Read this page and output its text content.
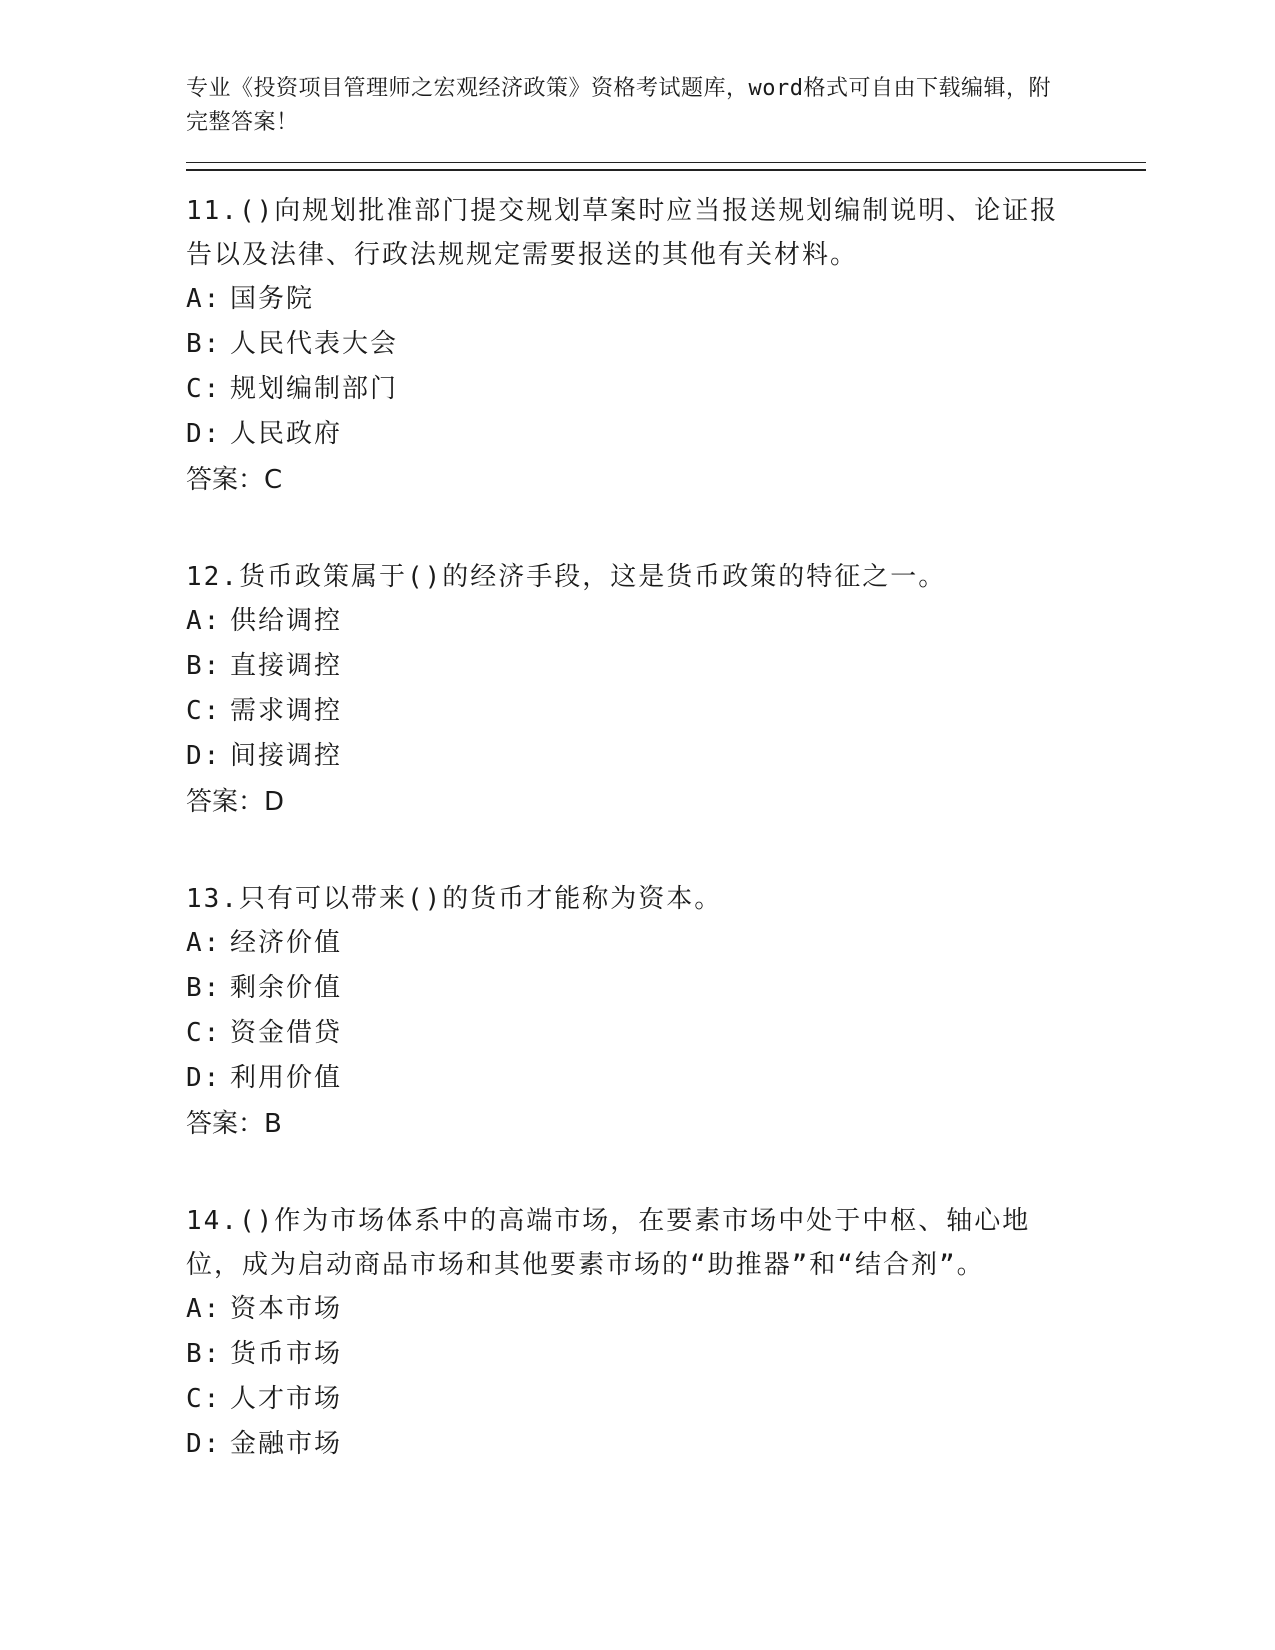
专业《投资项目管理师之宏观经济政策》资格考试题库，word格式可自由下载编辑，附完整答案！
11.()向规划批准部门提交规划草案时应当报送规划编制说明、论证报告以及法律、行政法规规定需要报送的其他有关材料。
A: 国务院
B: 人民代表大会
C: 规划编制部门
D: 人民政府
答案：C
12.货币政策属于()的经济手段，这是货币政策的特征之一。
A: 供给调控
B: 直接调控
C: 需求调控
D: 间接调控
答案：D
13.只有可以带来()的货币才能称为资本。
A: 经济价值
B: 剩余价值
C: 资金借贷
D: 利用价值
答案：B
14.()作为市场体系中的高端市场，在要素市场中处于中枢、轴心地位，成为启动商品市场和其他要素市场的“助推器”和“结合剂”。
A: 资本市场
B: 货币市场
C: 人才市场
D: 金融市场
